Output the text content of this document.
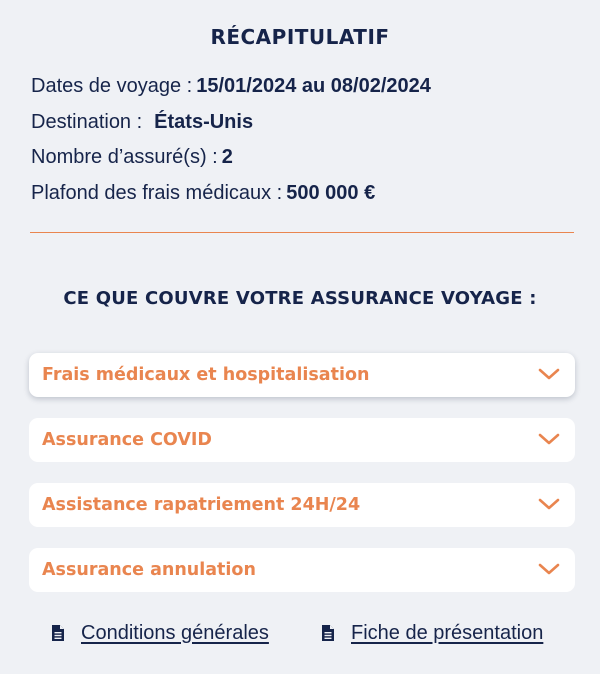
RÉCAPITULATIF
Dates de voyage : 15/01/2024 au 08/02/2024
Destination : États-Unis
Nombre d’assuré(s) : 2
Plafond des frais médicaux : 500 000 €
CE QUE COUVRE VOTRE ASSURANCE VOYAGE :
Frais médicaux et hospitalisation
Assurance COVID
Assistance rapatriement 24H/24
Assurance annulation
Conditions générales	Fiche de présentation
